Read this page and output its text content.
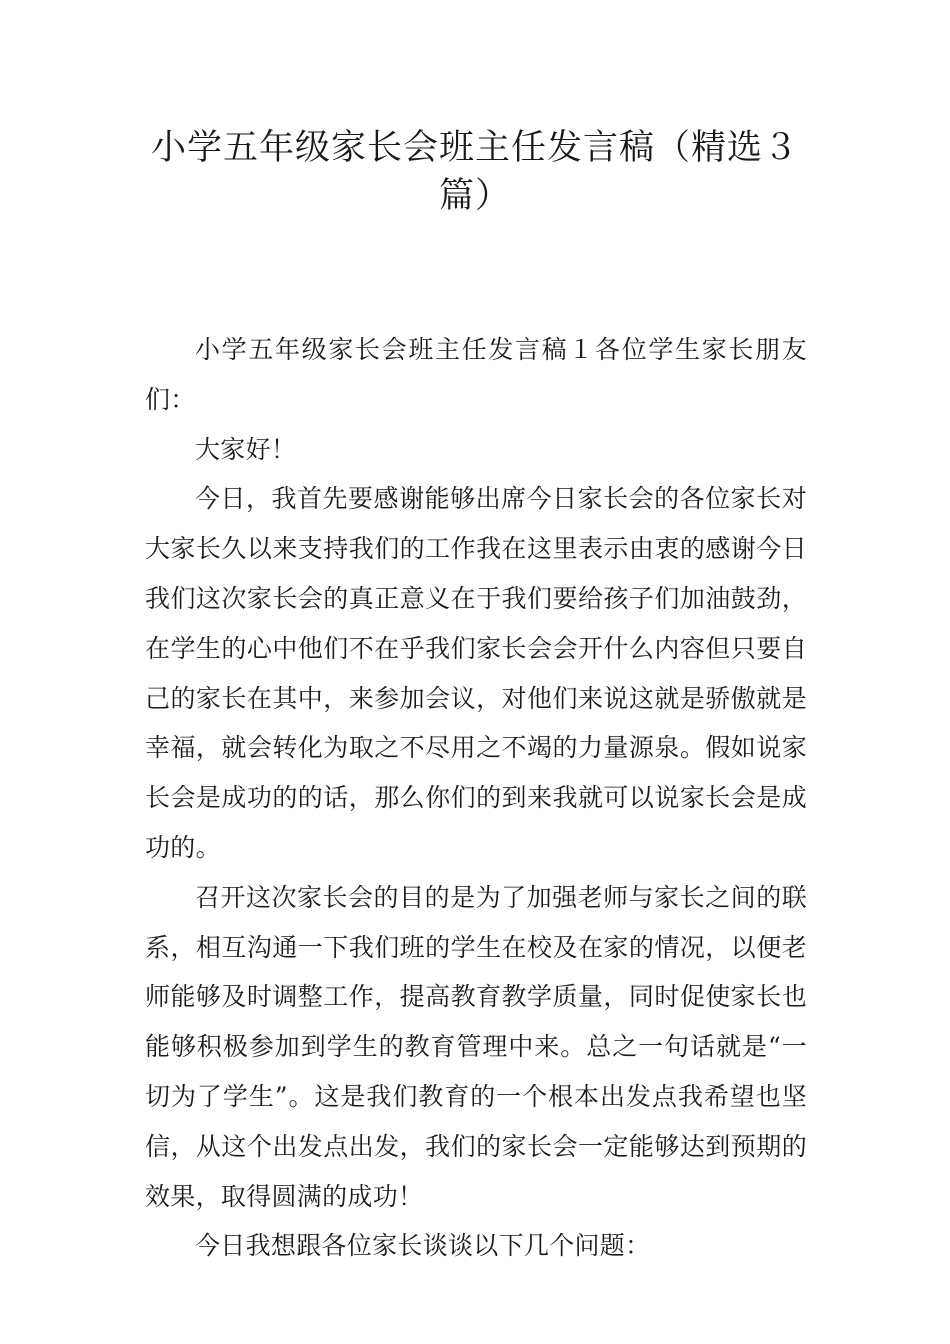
小学五年级家长会班主任发言稿（精选３篇）

小学五年级家长会班主任发言稿１各位学生家长朋友们：

大家好！

今日，我首先要感谢能够出席今日家长会的各位家长对大家长久以来支持我们的工作我在这里表示由衷的感谢今日我们这次家长会的真正意义在于我们要给孩子们加油鼓劲，在学生的心中他们不在乎我们家长会会开什么内容但只要自己的家长在其中，来参加会议，对他们来说这就是骄傲就是幸福，就会转化为取之不尽用之不竭的力量源泉。假如说家长会是成功的的话，那么你们的到来我就可以说家长会是成功的。

召开这次家长会的目的是为了加强老师与家长之间的联系，相互沟通一下我们班的学生在校及在家的情况，以便老师能够及时调整工作，提高教育教学质量，同时促使家长也能够积极参加到学生的教育管理中来。总之一句话就是“一切为了学生”。这是我们教育的一个根本出发点我希望也坚信，从这个出发点出发，我们的家长会一定能够达到预期的效果，取得圆满的成功！

今日我想跟各位家长谈谈以下几个问题：
